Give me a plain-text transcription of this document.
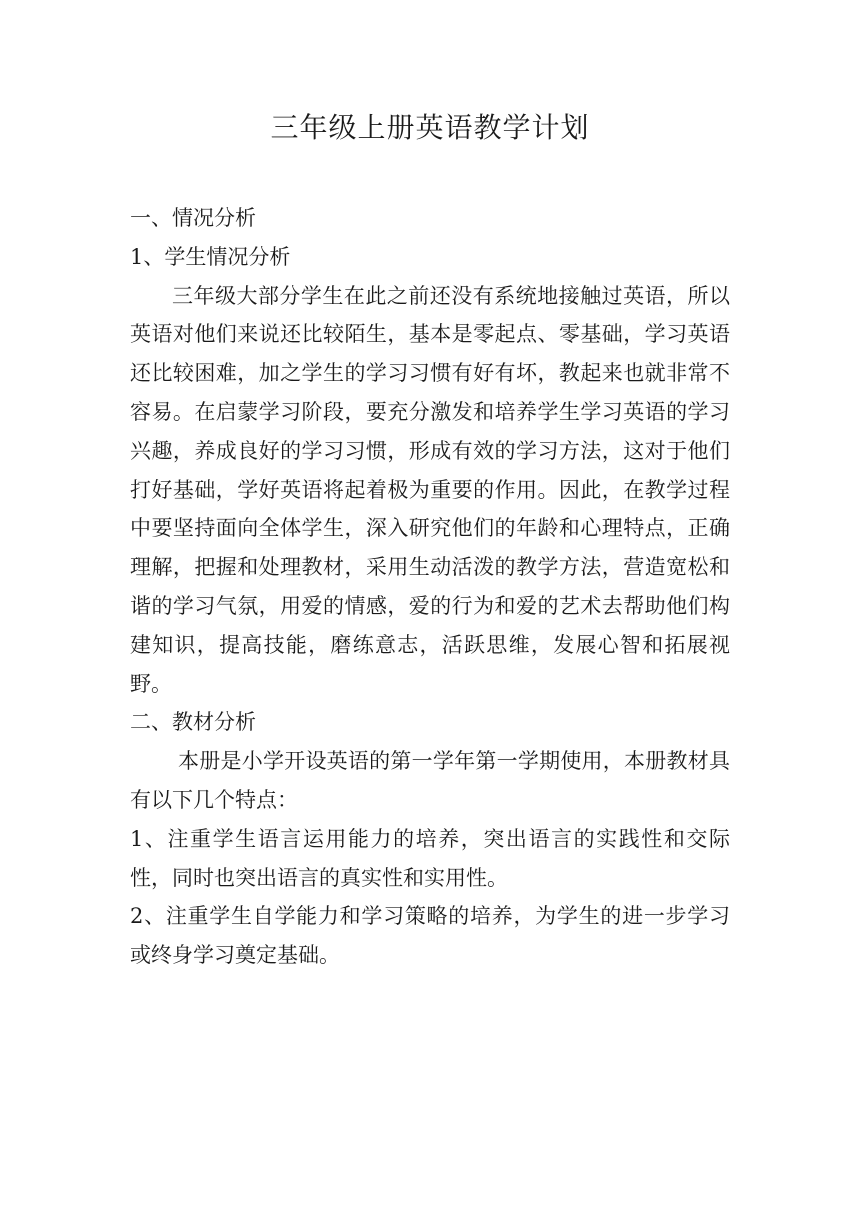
三年级上册英语教学计划

一、情况分析

1、学生情况分析

三年级大部分学生在此之前还没有系统地接触过英语，所以英语对他们来说还比较陌生，基本是零起点、零基础，学习英语还比较困难，加之学生的学习习惯有好有坏，教起来也就非常不容易。在启蒙学习阶段，要充分激发和培养学生学习英语的学习兴趣，养成良好的学习习惯，形成有效的学习方法，这对于他们打好基础，学好英语将起着极为重要的作用。因此，在教学过程中要坚持面向全体学生，深入研究他们的年龄和心理特点，正确理解，把握和处理教材，采用生动活泼的教学方法，营造宽松和谐的学习气氛，用爱的情感，爱的行为和爱的艺术去帮助他们构建知识，提高技能，磨练意志，活跃思维，发展心智和拓展视野。

二、教材分析

本册是小学开设英语的第一学年第一学期使用，本册教材具有以下几个特点：

1、注重学生语言运用能力的培养，突出语言的实践性和交际性，同时也突出语言的真实性和实用性。

2、注重学生自学能力和学习策略的培养，为学生的进一步学习或终身学习奠定基础。
